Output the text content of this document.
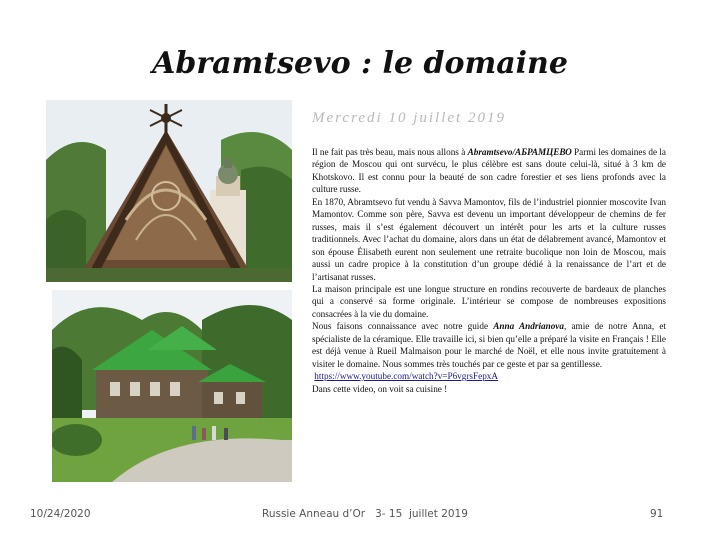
Abramtsevo : le domaine
Mercredi 10 juillet 2019

Il ne fait pas très beau, mais nous allons à Abramtsevo/АБРАМЦЕВО Parmi les domaines de la région de Moscou qui ont survécu, le plus célèbre est sans doute celui-là, situé à 3 km de Khotskovo. Il est connu pour la beauté de son cadre forestier et ses liens profonds avec la culture russe.

En 1870, Abramtsevo fut vendu à Savva Mamontov, fils de l’industriel pionnier moscovite Ivan Mamontov. Comme son père, Savva est devenu un important développeur de chemins de fer russes, mais il s’est également découvert un intérêt pour les arts et la culture russes traditionnels. Avec l’achat du domaine, alors dans un état de délabrement avancé, Mamontov et son épouse Élisabeth eurent non seulement une retraite bucolique non loin de Moscou, mais aussi un cadre propice à la constitution d’un groupe dédié à la renaissance de l’art et de l’artisanat russes.

La maison principale est une longue structure en rondins recouverte de bardeaux de planches qui a conservé sa forme originale. L’intérieur se compose de nombreuses expositions consacrées à la vie du domaine.

Nous faisons connaissance avec notre guide Anna Andrianova, amie de notre Anna, et spécialiste de la céramique. Elle travaille ici, si bien qu’elle a préparé la visite en Français ! Elle est déjà venue à Rueil Malmaison pour le marché de Noël, et elle nous invite gratuitement à visiter le domaine. Nous sommes très touchés par ce geste et par sa gentillesse.

https://www.youtube.com/watch?v=P6vgrsFepxA

Dans cette video, on voit sa cuisine !

10/24/2020	Russie Anneau d’Or   3- 15  juillet 2019	91
